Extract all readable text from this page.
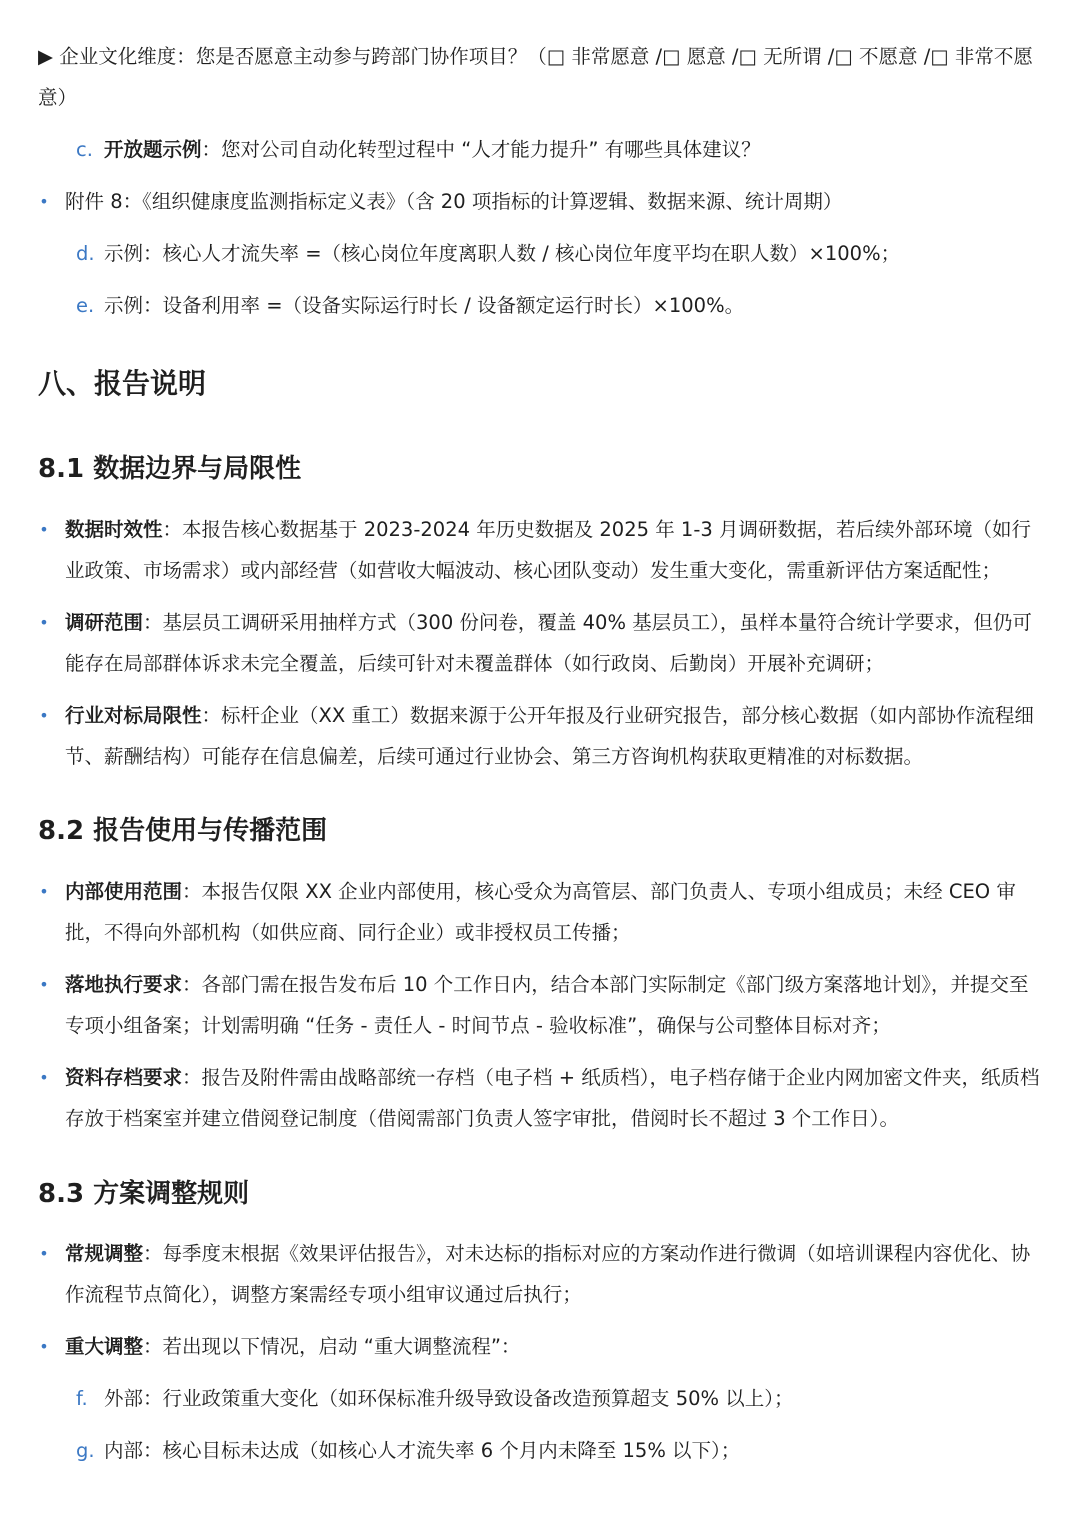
▶ 企业文化维度：您是否愿意主动参与跨部门协作项目？（□ 非常愿意 /□ 愿意 /□ 无所谓 /□ 不愿意 /□ 非常不愿意）
c. 开放题示例：您对公司自动化转型过程中 “人才能力提升” 有哪些具体建议？
• 附件 8：《组织健康度监测指标定义表》（含 20 项指标的计算逻辑、数据来源、统计周期）
d. 示例：核心人才流失率 =（核心岗位年度离职人数 / 核心岗位年度平均在职人数）×100%；
e. 示例：设备利用率 =（设备实际运行时长 / 设备额定运行时长）×100%。
八、报告说明
8.1 数据边界与局限性
• 数据时效性：本报告核心数据基于 2023-2024 年历史数据及 2025 年 1-3 月调研数据，若后续外部环境（如行业政策、市场需求）或内部经营（如营收大幅波动、核心团队变动）发生重大变化，需重新评估方案适配性；
• 调研范围：基层员工调研采用抽样方式（300 份问卷，覆盖 40% 基层员工），虽样本量符合统计学要求，但仍可能存在局部群体诉求未完全覆盖，后续可针对未覆盖群体（如行政岗、后勤岗）开展补充调研；
• 行业对标局限性：标杆企业（XX 重工）数据来源于公开年报及行业研究报告，部分核心数据（如内部协作流程细节、薪酬结构）可能存在信息偏差，后续可通过行业协会、第三方咨询机构获取更精准的对标数据。
8.2 报告使用与传播范围
• 内部使用范围：本报告仅限 XX 企业内部使用，核心受众为高管层、部门负责人、专项小组成员；未经 CEO 审批，不得向外部机构（如供应商、同行企业）或非授权员工传播；
• 落地执行要求：各部门需在报告发布后 10 个工作日内，结合本部门实际制定《部门级方案落地计划》，并提交至专项小组备案；计划需明确 “任务 - 责任人 - 时间节点 - 验收标准”，确保与公司整体目标对齐；
• 资料存档要求：报告及附件需由战略部统一存档（电子档 + 纸质档），电子档存储于企业内网加密文件夹，纸质档存放于档案室并建立借阅登记制度（借阅需部门负责人签字审批，借阅时长不超过 3 个工作日）。
8.3 方案调整规则
• 常规调整：每季度末根据《效果评估报告》，对未达标的指标对应的方案动作进行微调（如培训课程内容优化、协作流程节点简化），调整方案需经专项小组审议通过后执行；
• 重大调整：若出现以下情况，启动 “重大调整流程”：
f. 外部：行业政策重大变化（如环保标准升级导致设备改造预算超支 50% 以上）；
g. 内部：核心目标未达成（如核心人才流失率 6 个月内未降至 15% 以下）；
